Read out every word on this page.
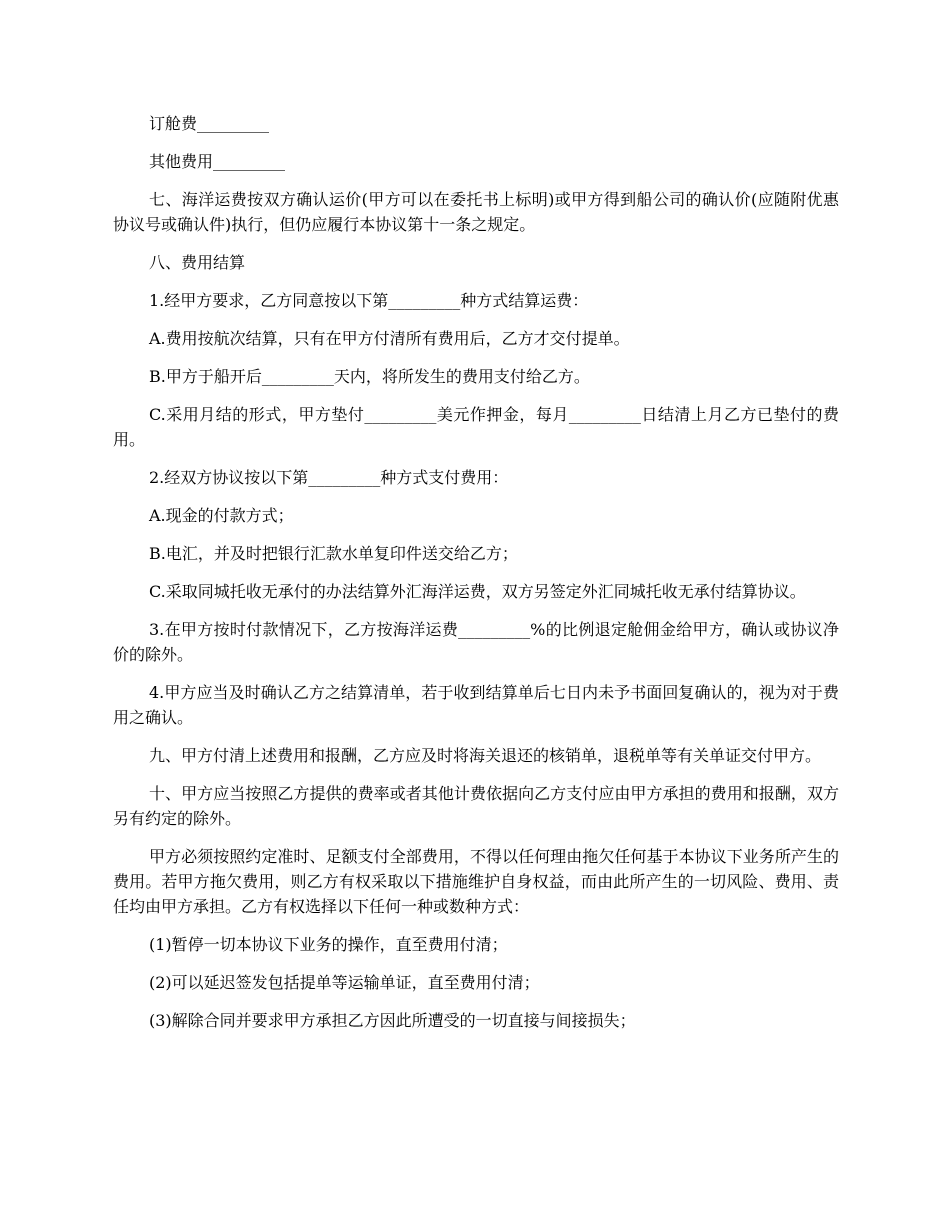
订舱费_________

其他费用_________

七、海洋运费按双方确认运价(甲方可以在委托书上标明)或甲方得到船公司的确认价(应随附优惠协议号或确认件)执行，但仍应履行本协议第十一条之规定。

八、费用结算

1.经甲方要求，乙方同意按以下第_________种方式结算运费：

A.费用按航次结算，只有在甲方付清所有费用后，乙方才交付提单。

B.甲方于船开后_________天内，将所发生的费用支付给乙方。

C.采用月结的形式，甲方垫付_________美元作押金，每月_________日结清上月乙方已垫付的费用。

2.经双方协议按以下第_________种方式支付费用：

A.现金的付款方式；

B.电汇，并及时把银行汇款水单复印件送交给乙方；

C.采取同城托收无承付的办法结算外汇海洋运费，双方另签定外汇同城托收无承付结算协议。

3.在甲方按时付款情况下，乙方按海洋运费_________%的比例退定舱佣金给甲方，确认或协议净价的除外。

4.甲方应当及时确认乙方之结算清单，若于收到结算单后七日内未予书面回复确认的，视为对于费用之确认。

九、甲方付清上述费用和报酬，乙方应及时将海关退还的核销单，退税单等有关单证交付甲方。

十、甲方应当按照乙方提供的费率或者其他计费依据向乙方支付应由甲方承担的费用和报酬，双方另有约定的除外。

甲方必须按照约定准时、足额支付全部费用，不得以任何理由拖欠任何基于本协议下业务所产生的费用。若甲方拖欠费用，则乙方有权采取以下措施维护自身权益，而由此所产生的一切风险、费用、责任均由甲方承担。乙方有权选择以下任何一种或数种方式：

(1)暂停一切本协议下业务的操作，直至费用付清；

(2)可以延迟签发包括提单等运输单证，直至费用付清；

(3)解除合同并要求甲方承担乙方因此所遭受的一切直接与间接损失；
